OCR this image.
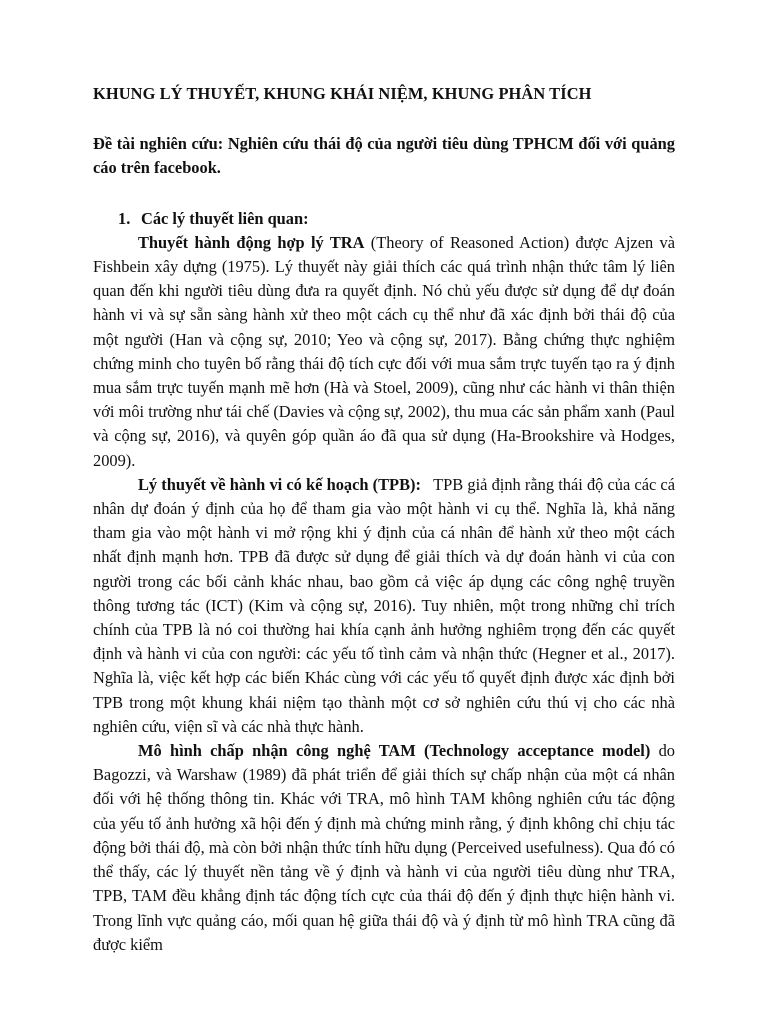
KHUNG LÝ THUYẾT, KHUNG KHÁI NIỆM, KHUNG PHÂN TÍCH
Đề tài nghiên cứu: Nghiên cứu thái độ của người tiêu dùng TPHCM đối với quảng cáo trên facebook.
1. Các lý thuyết liên quan:

Thuyết hành động hợp lý TRA (Theory of Reasoned Action) được Ajzen và Fishbein xây dựng (1975). Lý thuyết này giải thích các quá trình nhận thức tâm lý liên quan đến khi người tiêu dùng đưa ra quyết định. Nó chủ yếu được sử dụng để dự đoán hành vi và sự sẵn sàng hành xử theo một cách cụ thể như đã xác định bởi thái độ của một người (Han và cộng sự, 2010; Yeo và cộng sự, 2017). Bằng chứng thực nghiệm chứng minh cho tuyên bố rằng thái độ tích cực đối với mua sắm trực tuyến tạo ra ý định mua sắm trực tuyến mạnh mẽ hơn (Hà và Stoel, 2009), cũng như các hành vi thân thiện với môi trường như tái chế (Davies và cộng sự, 2002), thu mua các sản phẩm xanh (Paul và cộng sự, 2016), và quyên góp quần áo đã qua sử dụng (Ha-Brookshire và Hodges, 2009).

Lý thuyết về hành vi có kế hoạch (TPB):   TPB giả định rằng thái độ của các cá nhân dự đoán ý định của họ để tham gia vào một hành vi cụ thể. Nghĩa là, khả năng tham gia vào một hành vi mở rộng khi ý định của cá nhân để hành xử theo một cách nhất định mạnh hơn. TPB đã được sử dụng để giải thích và dự đoán hành vi của con người trong các bối cảnh khác nhau, bao gồm cả việc áp dụng các công nghệ truyền thông tương tác (ICT) (Kim và cộng sự, 2016). Tuy nhiên, một trong những chỉ trích chính của TPB là nó coi thường hai khía cạnh ảnh hưởng nghiêm trọng đến các quyết định và hành vi của con người: các yếu tố tình cảm và nhận thức (Hegner et al., 2017). Nghĩa là, việc kết hợp các biến Khác cùng với các yếu tố quyết định được xác định bởi TPB trong một khung khái niệm tạo thành một cơ sở nghiên cứu thú vị cho các nhà nghiên cứu, viện sĩ và các nhà thực hành.

Mô hình chấp nhận công nghệ TAM (Technology acceptance model) do Bagozzi, và Warshaw (1989) đã phát triển để giải thích sự chấp nhận của một cá nhân đối với hệ thống thông tin. Khác với TRA, mô hình TAM không nghiên cứu tác động của yếu tố ảnh hưởng xã hội đến ý định mà chứng minh rằng, ý định không chỉ chịu tác động bởi thái độ, mà còn bởi nhận thức tính hữu dụng (Perceived usefulness). Qua đó có thể thấy, các lý thuyết nền tảng về ý định và hành vi của người tiêu dùng như TRA, TPB, TAM đều khẳng định tác động tích cực của thái độ đến ý định thực hiện hành vi. Trong lĩnh vực quảng cáo, mối quan hệ giữa thái độ và ý định từ mô hình TRA cũng đã được kiểm
